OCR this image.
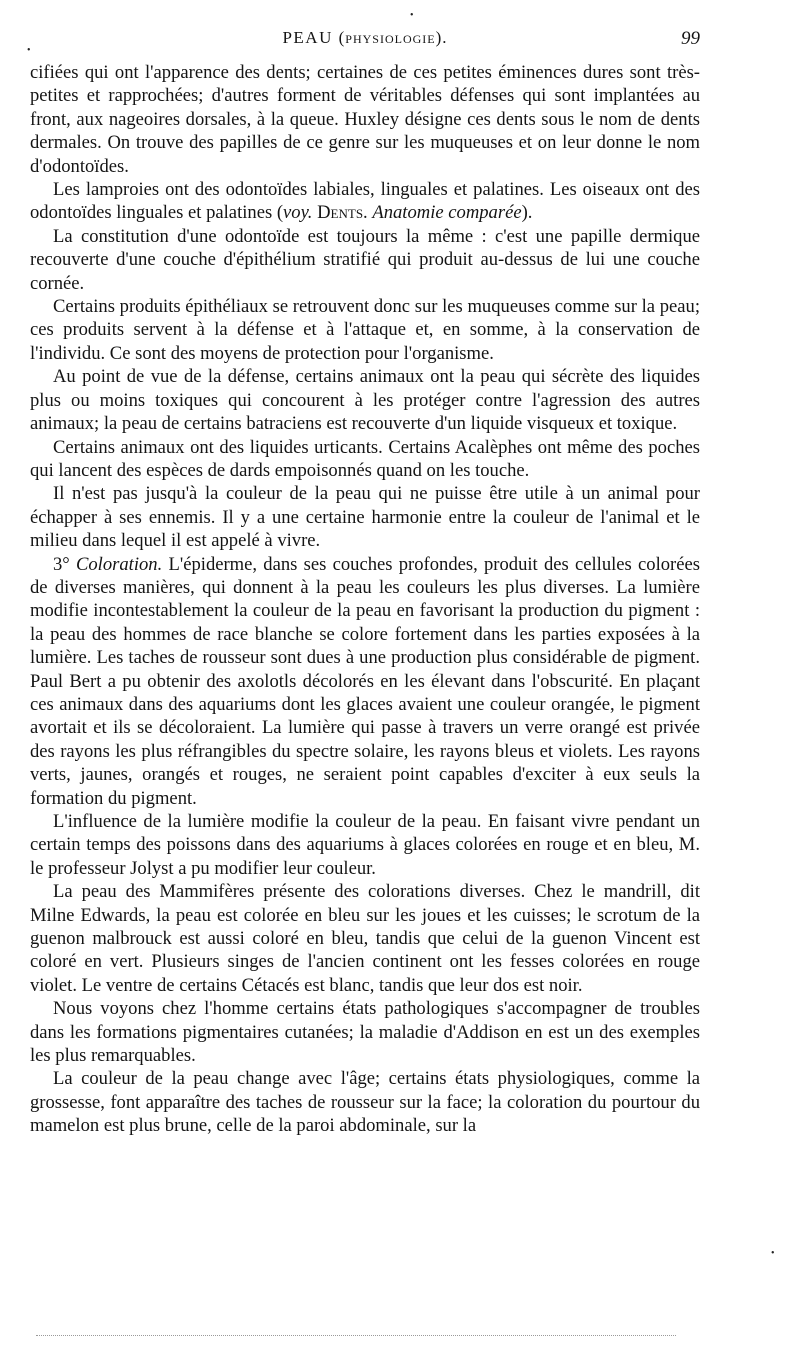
PEAU (physiologie).	99
•
•
•

cifiées qui ont l'apparence des dents; certaines de ces petites éminences dures sont très-petites et rapprochées; d'autres forment de véritables défenses qui sont implantées au front, aux nageoires dorsales, à la queue. Huxley désigne ces dents sous le nom de dents dermales. On trouve des papilles de ce genre sur les muqueuses et on leur donne le nom d'odontoïdes.

Les lamproies ont des odontoïdes labiales, linguales et palatines. Les oiseaux ont des odontoïdes linguales et palatines (voy. Dents. Anatomie comparée).

La constitution d'une odontoïde est toujours la même : c'est une papille dermique recouverte d'une couche d'épithélium stratifié qui produit au-dessus de lui une couche cornée.

Certains produits épithéliaux se retrouvent donc sur les muqueuses comme sur la peau; ces produits servent à la défense et à l'attaque et, en somme, à la conservation de l'individu. Ce sont des moyens de protection pour l'organisme.

Au point de vue de la défense, certains animaux ont la peau qui sécrète des liquides plus ou moins toxiques qui concourent à les protéger contre l'agression des autres animaux; la peau de certains batraciens est recouverte d'un liquide visqueux et toxique.

Certains animaux ont des liquides urticants. Certains Acalèphes ont même des poches qui lancent des espèces de dards empoisonnés quand on les touche.

Il n'est pas jusqu'à la couleur de la peau qui ne puisse être utile à un animal pour échapper à ses ennemis. Il y a une certaine harmonie entre la couleur de l'animal et le milieu dans lequel il est appelé à vivre.

3° Coloration. L'épiderme, dans ses couches profondes, produit des cellules colorées de diverses manières, qui donnent à la peau les couleurs les plus diverses. La lumière modifie incontestablement la couleur de la peau en favorisant la production du pigment : la peau des hommes de race blanche se colore fortement dans les parties exposées à la lumière. Les taches de rousseur sont dues à une production plus considérable de pigment. Paul Bert a pu obtenir des axolotls décolorés en les élevant dans l'obscurité. En plaçant ces animaux dans des aquariums dont les glaces avaient une couleur orangée, le pigment avortait et ils se décoloraient. La lumière qui passe à travers un verre orangé est privée des rayons les plus réfrangibles du spectre solaire, les rayons bleus et violets. Les rayons verts, jaunes, orangés et rouges, ne seraient point capables d'exciter à eux seuls la formation du pigment.

L'influence de la lumière modifie la couleur de la peau. En faisant vivre pendant un certain temps des poissons dans des aquariums à glaces colorées en rouge et en bleu, M. le professeur Jolyst a pu modifier leur couleur.

La peau des Mammifères présente des colorations diverses. Chez le mandrill, dit Milne Edwards, la peau est colorée en bleu sur les joues et les cuisses; le scrotum de la guenon malbrouck est aussi coloré en bleu, tandis que celui de la guenon Vincent est coloré en vert. Plusieurs singes de l'ancien continent ont les fesses colorées en rouge violet. Le ventre de certains Cétacés est blanc, tandis que leur dos est noir.

Nous voyons chez l'homme certains états pathologiques s'accompagner de troubles dans les formations pigmentaires cutanées; la maladie d'Addison en est un des exemples les plus remarquables.

La couleur de la peau change avec l'âge; certains états physiologiques, comme la grossesse, font apparaître des taches de rousseur sur la face; la coloration du pourtour du mamelon est plus brune, celle de la paroi abdominale, sur la
